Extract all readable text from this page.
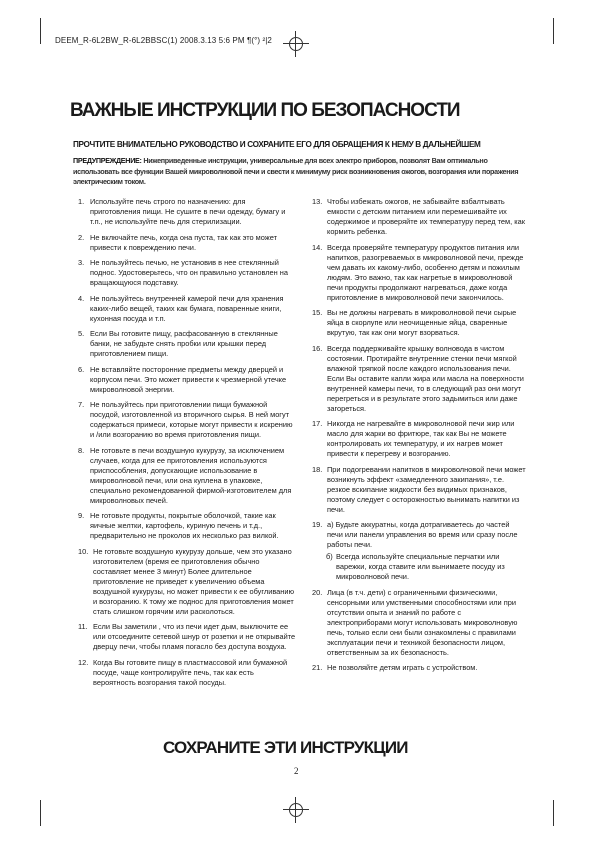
DEEM_R-6L2BW_R-6L2BBSC(1) 2008.3.13 5:6 PM ¶(°) ²|2
ВАЖНЫЕ ИНСТРУКЦИИ ПО БЕЗОПАСНОСТИ
ПРОЧТИТЕ ВНИМАТЕЛЬНО РУКОВОДСТВО И СОХРАНИТЕ ЕГО ДЛЯ ОБРАЩЕНИЯ К НЕМУ В ДАЛЬНЕЙШЕМ
ПРЕДУПРЕЖДЕНИЕ: Нижеприведенные инструкции, универсальные для всех электро приборов, позволят Вам оптимально использовать все функции Вашей микроволновой печи и свести к минимуму риск возникновения ожогов, возгорания или поражения электрическим током.
1. Используйте печь строго по назначению: для приготовления пищи. Не сушите в печи одежду, бумагу и т.п., не используйте печь для стерилизации.
2. Не включайте печь, когда она пуста, так как это может привести к повреждению печи.
3. Не пользуйтесь печью, не установив в нее стеклянный поднос. Удостоверьтесь, что он правильно установлен на вращающуюся подставку.
4. Не пользуйтесь внутренней камерой печи для хранения каких-либо вещей, таких как бумага, поваренные книги, кухонная посуда и т.п.
5. Если Вы готовите пищу, расфасованную в стеклянные банки, не забудьте снять пробки или крышки перед приготовлением пищи.
6. Не вставляйте посторонние предметы между дверцей и корпусом печи. Это может привести к чрезмерной утечке микроволновой энергии.
7. Не пользуйтесь при приготовлении пищи бумажной посудой, изготовленной из вторичного сырья. В ней могут содержаться примеси, которые могут привести к искрению и /или возгоранию во время приготовления пищи.
8. Не готовьте в печи воздушную кукурузу, за исключением случаев, когда для ее приготовления используются приспособления, допускающие использование в микроволновой печи, или она куплена в упаковке, специально рекомендованной фирмой-изготовителем для микроволновых печей.
9. Не готовьте продукты, покрытые оболочкой, такие как яичные желтки, картофель, куриную печень и т.д., предварительно не проколов их несколько раз вилкой.
10. Не готовьте воздушную кукурузу дольше, чем это указано изготовителем (время ее приготовления обычно составляет менее 3 минут) Более длительное приготовление не приведет к увеличению объема воздушной кукурузы, но может привести к ее обугливанию и возгоранию. К тому же поднос для приготовления может стать слишком горячим или расколоться.
11. Если Вы заметили , что из печи идет дым, выключите ее или отсоедините сетевой шнур от розетки и не открывайте дверцу печи, чтобы пламя погасло без доступа воздуха.
12. Когда Вы готовите пищу в пластмассовой или бумажной посуде, чаще контролируйте печь, так как есть вероятность возгорания такой посуды.
13. Чтобы избежать ожогов, не забывайте взбалтывать емкости с детским питанием или перемешивайте их содержимое и проверяйте их температуру перед тем, как кормить ребенка.
14. Всегда проверяйте температуру продуктов питания или напитков, разогреваемых в микроволновой печи, прежде чем давать их какому-либо, особенно детям и пожилым людям. Это важно, так как нагретые в микроволновой печи продукты продолжают нагреваться, даже когда приготовление в микроволновой печи закончилось.
15. Вы не должны нагревать в микроволновой печи сырые яйца в скорлупе или неочищенные яйца, сваренные вкрутую, так как они могут взорваться.
16. Всегда поддерживайте крышку волновода в чистом состоянии. Протирайте внутренние стенки печи мягкой влажной тряпкой после каждого использования печи. Если Вы оставите капли жира или масла на поверхности внутренней камеры печи, то в следующий раз они могут перегреться и в результате этого задымиться или даже загореться.
17. Никогда не нагревайте в микроволновой печи жир или масло для жарки во фритюре, так как Вы не можете контролировать их температуру, и их нагрев может привести к перегреву и возгоранию.
18. При подогревании напитков в микроволновой печи может возникнуть эффект «замедленного закипания», т.е. резкое вскипание жидкости без видимых признаков, поэтому следует с осторожностью вынимать напитки из печи.
19. а) Будьте аккуратны, когда дотрагиваетесь до частей печи или панели управления во время или сразу после работы печи.
б) Всегда используйте специальные перчатки или варежки, когда ставите или вынимаете посуду из микроволновой печи.
20. Лица (в т.ч. дети) с ограниченными физическими, сенсорными или умственными способностями или при отсутствии опыта и знаний по работе с электроприборами могут использовать микроволновую печь, только если они были ознакомлены с правилами эксплуатации печи и техникой безопасности лицом, ответственным за их безопасность.
21. Не позволяйте детям играть с устройством.
СОХРАНИТЕ ЭТИ ИНСТРУКЦИИ
2
